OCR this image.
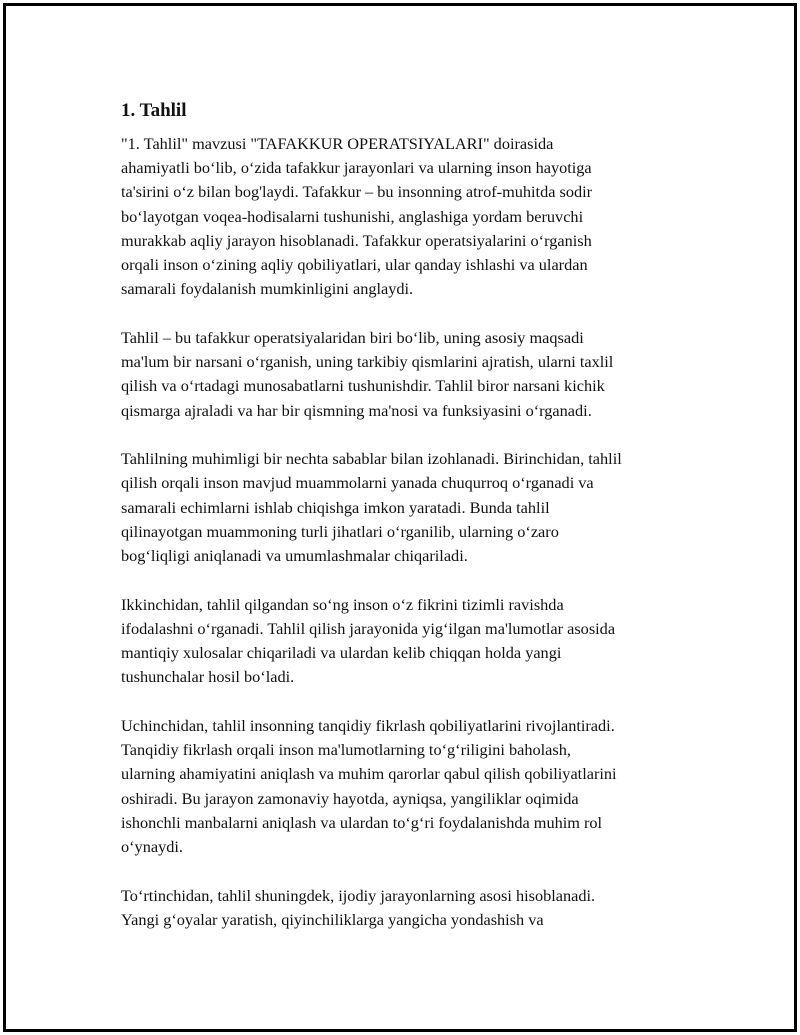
1. Tahlil

"1. Tahlil" mavzusi "TAFAKKUR OPERATSIYALARI" doirasida
ahamiyatli bo‘lib, o‘zida tafakkur jarayonlari va ularning inson hayotiga
ta'sirini o‘z bilan bog'laydi. Tafakkur – bu insonning atrof-muhitda sodir
bo‘layotgan voqea-hodisalarni tushunishi, anglashiga yordam beruvchi
murakkab aqliy jarayon hisoblanadi. Tafakkur operatsiyalarini o‘rganish
orqali inson o‘zining aqliy qobiliyatlari, ular qanday ishlashi va ulardan
samarali foydalanish mumkinligini anglaydi.

Tahlil – bu tafakkur operatsiyalaridan biri bo‘lib, uning asosiy maqsadi
ma'lum bir narsani o‘rganish, uning tarkibiy qismlarini ajratish, ularni taxlil
qilish va o‘rtadagi munosabatlarni tushunishdir. Tahlil biror narsani kichik
qismarga ajraladi va har bir qismning ma'nosi va funksiyasini o‘rganadi.

Tahlilning muhimligi bir nechta sabablar bilan izohlanadi. Birinchidan, tahlil
qilish orqali inson mavjud muammolarni yanada chuqurroq o‘rganadi va
samarali echimlarni ishlab chiqishga imkon yaratadi. Bunda tahlil
qilinayotgan muammoning turli jihatlari o‘rganilib, ularning o‘zaro
bog‘liqligi aniqlanadi va umumlashmalar chiqariladi.

Ikkinchidan, tahlil qilgandan so‘ng inson o‘z fikrini tizimli ravishda
ifodalashni o‘rganadi. Tahlil qilish jarayonida yig‘ilgan ma'lumotlar asosida
mantiqiy xulosalar chiqariladi va ulardan kelib chiqqan holda yangi
tushunchalar hosil bo‘ladi.

Uchinchidan, tahlil insonning tanqidiy fikrlash qobiliyatlarini rivojlantiradi.
Tanqidiy fikrlash orqali inson ma'lumotlarning to‘g‘riligini baholash,
ularning ahamiyatini aniqlash va muhim qarorlar qabul qilish qobiliyatlarini
oshiradi. Bu jarayon zamonaviy hayotda, ayniqsa, yangiliklar oqimida
ishonchli manbalarni aniqlash va ulardan to‘g‘ri foydalanishda muhim rol
o‘ynaydi.

To‘rtinchidan, tahlil shuningdek, ijodiy jarayonlarning asosi hisoblanadi.
Yangi g‘oyalar yaratish, qiyinchiliklarga yangicha yondashish va
